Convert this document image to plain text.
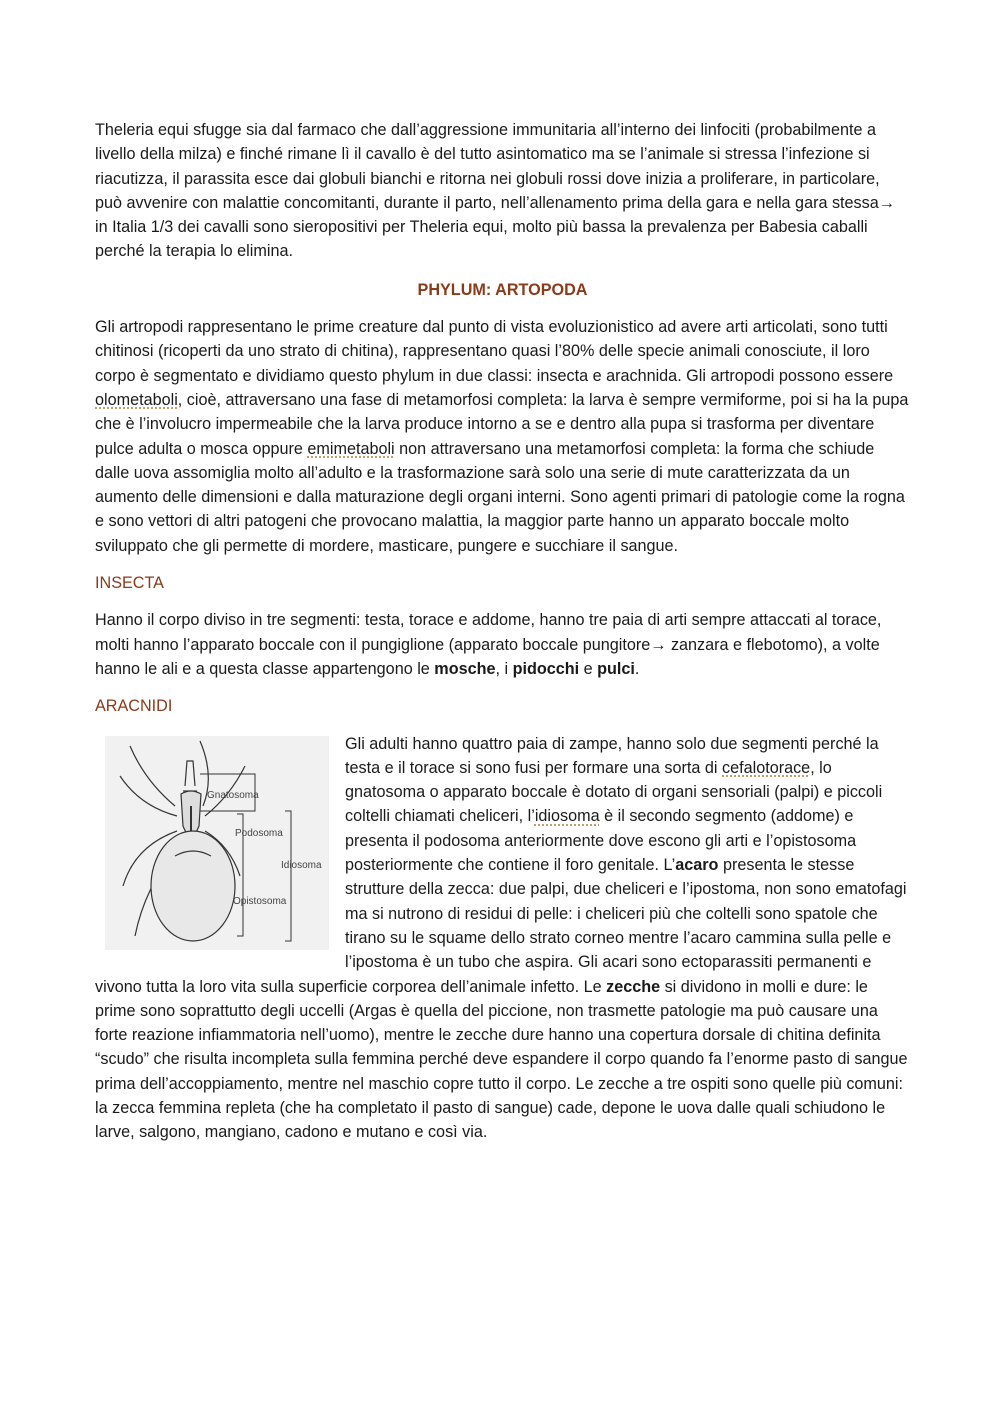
Theleria equi sfugge sia dal farmaco che dall’aggressione immunitaria all’interno dei linfociti (probabilmente a livello della milza) e finché rimane lì il cavallo è del tutto asintomatico ma se l’animale si stressa l’infezione si riacutizza, il parassita esce dai globuli bianchi e ritorna nei globuli rossi dove inizia a proliferare, in particolare, può avvenire con malattie concomitanti, durante il parto, nell’allenamento prima della gara e nella gara stessa→ in Italia 1/3 dei cavalli sono sieropositivi per Theleria equi, molto più bassa la prevalenza per Babesia caballi perché la terapia lo elimina.

PHYLUM: ARTOPODA

Gli artropodi rappresentano le prime creature dal punto di vista evoluzionistico ad avere arti articolati, sono tutti chitinosi (ricoperti da uno strato di chitina), rappresentano quasi l’80% delle specie animali conosciute, il loro corpo è segmentato e dividiamo questo phylum in due classi: insecta e arachnida. Gli artropodi possono essere olometaboli, cioè, attraversano una fase di metamorfosi completa: la larva è sempre vermiforme, poi si ha la pupa che è l’involucro impermeabile che la larva produce intorno a se e dentro alla pupa si trasforma per diventare pulce adulta o mosca oppure emimetaboli non attraversano una metamorfosi completa: la forma che schiude dalle uova assomiglia molto all’adulto e la trasformazione sarà solo una serie di mute caratterizzata da un aumento delle dimensioni e dalla maturazione degli organi interni. Sono agenti primari di patologie come la rogna e sono vettori di altri patogeni che provocano malattia, la maggior parte hanno un apparato boccale molto sviluppato che gli permette di mordere, masticare, pungere e succhiare il sangue.

INSECTA

Hanno il corpo diviso in tre segmenti: testa, torace e addome, hanno tre paia di arti sempre attaccati al torace, molti hanno l’apparato boccale con il pungiglione (apparato boccale pungitore→ zanzara e flebotomo), a volte hanno le ali e a questa classe appartengono le mosche, i pidocchi e pulci.

ARACNIDI

Gnatosoma
Podosoma
Idiosoma
Opistosoma

Gli adulti hanno quattro paia di zampe, hanno solo due segmenti perché la testa e il torace si sono fusi per formare una sorta di cefalotorace, lo gnatosoma o apparato boccale è dotato di organi sensoriali (palpi) e piccoli coltelli chiamati cheliceri, l’idiosoma è il secondo segmento (addome) e presenta il podosoma anteriormente dove escono gli arti e l’opistosoma posteriormente che contiene il foro genitale. L’acaro presenta le stesse strutture della zecca: due palpi, due cheliceri e l’ipostoma, non sono ematofagi ma si nutrono di residui di pelle: i cheliceri più che coltelli sono spatole che tirano su le squame dello strato corneo mentre l’acaro cammina sulla pelle e l’ipostoma è un tubo che aspira. Gli acari sono ectoparassiti permanenti e vivono tutta la loro vita sulla superficie corporea dell’animale infetto. Le zecche si dividono in molli e dure: le prime sono soprattutto degli uccelli (Argas è quella del piccione, non trasmette patologie ma può causare una forte reazione infiammatoria nell’uomo), mentre le zecche dure hanno una copertura dorsale di chitina definita “scudo” che risulta incompleta sulla femmina perché deve espandere il corpo quando fa l’enorme pasto di sangue prima dell’accoppiamento, mentre nel maschio copre tutto il corpo. Le zecche a tre ospiti sono quelle più comuni: la zecca femmina repleta (che ha completato il pasto di sangue) cade, depone le uova dalle quali schiudono le larve, salgono, mangiano, cadono e mutano e così via.
